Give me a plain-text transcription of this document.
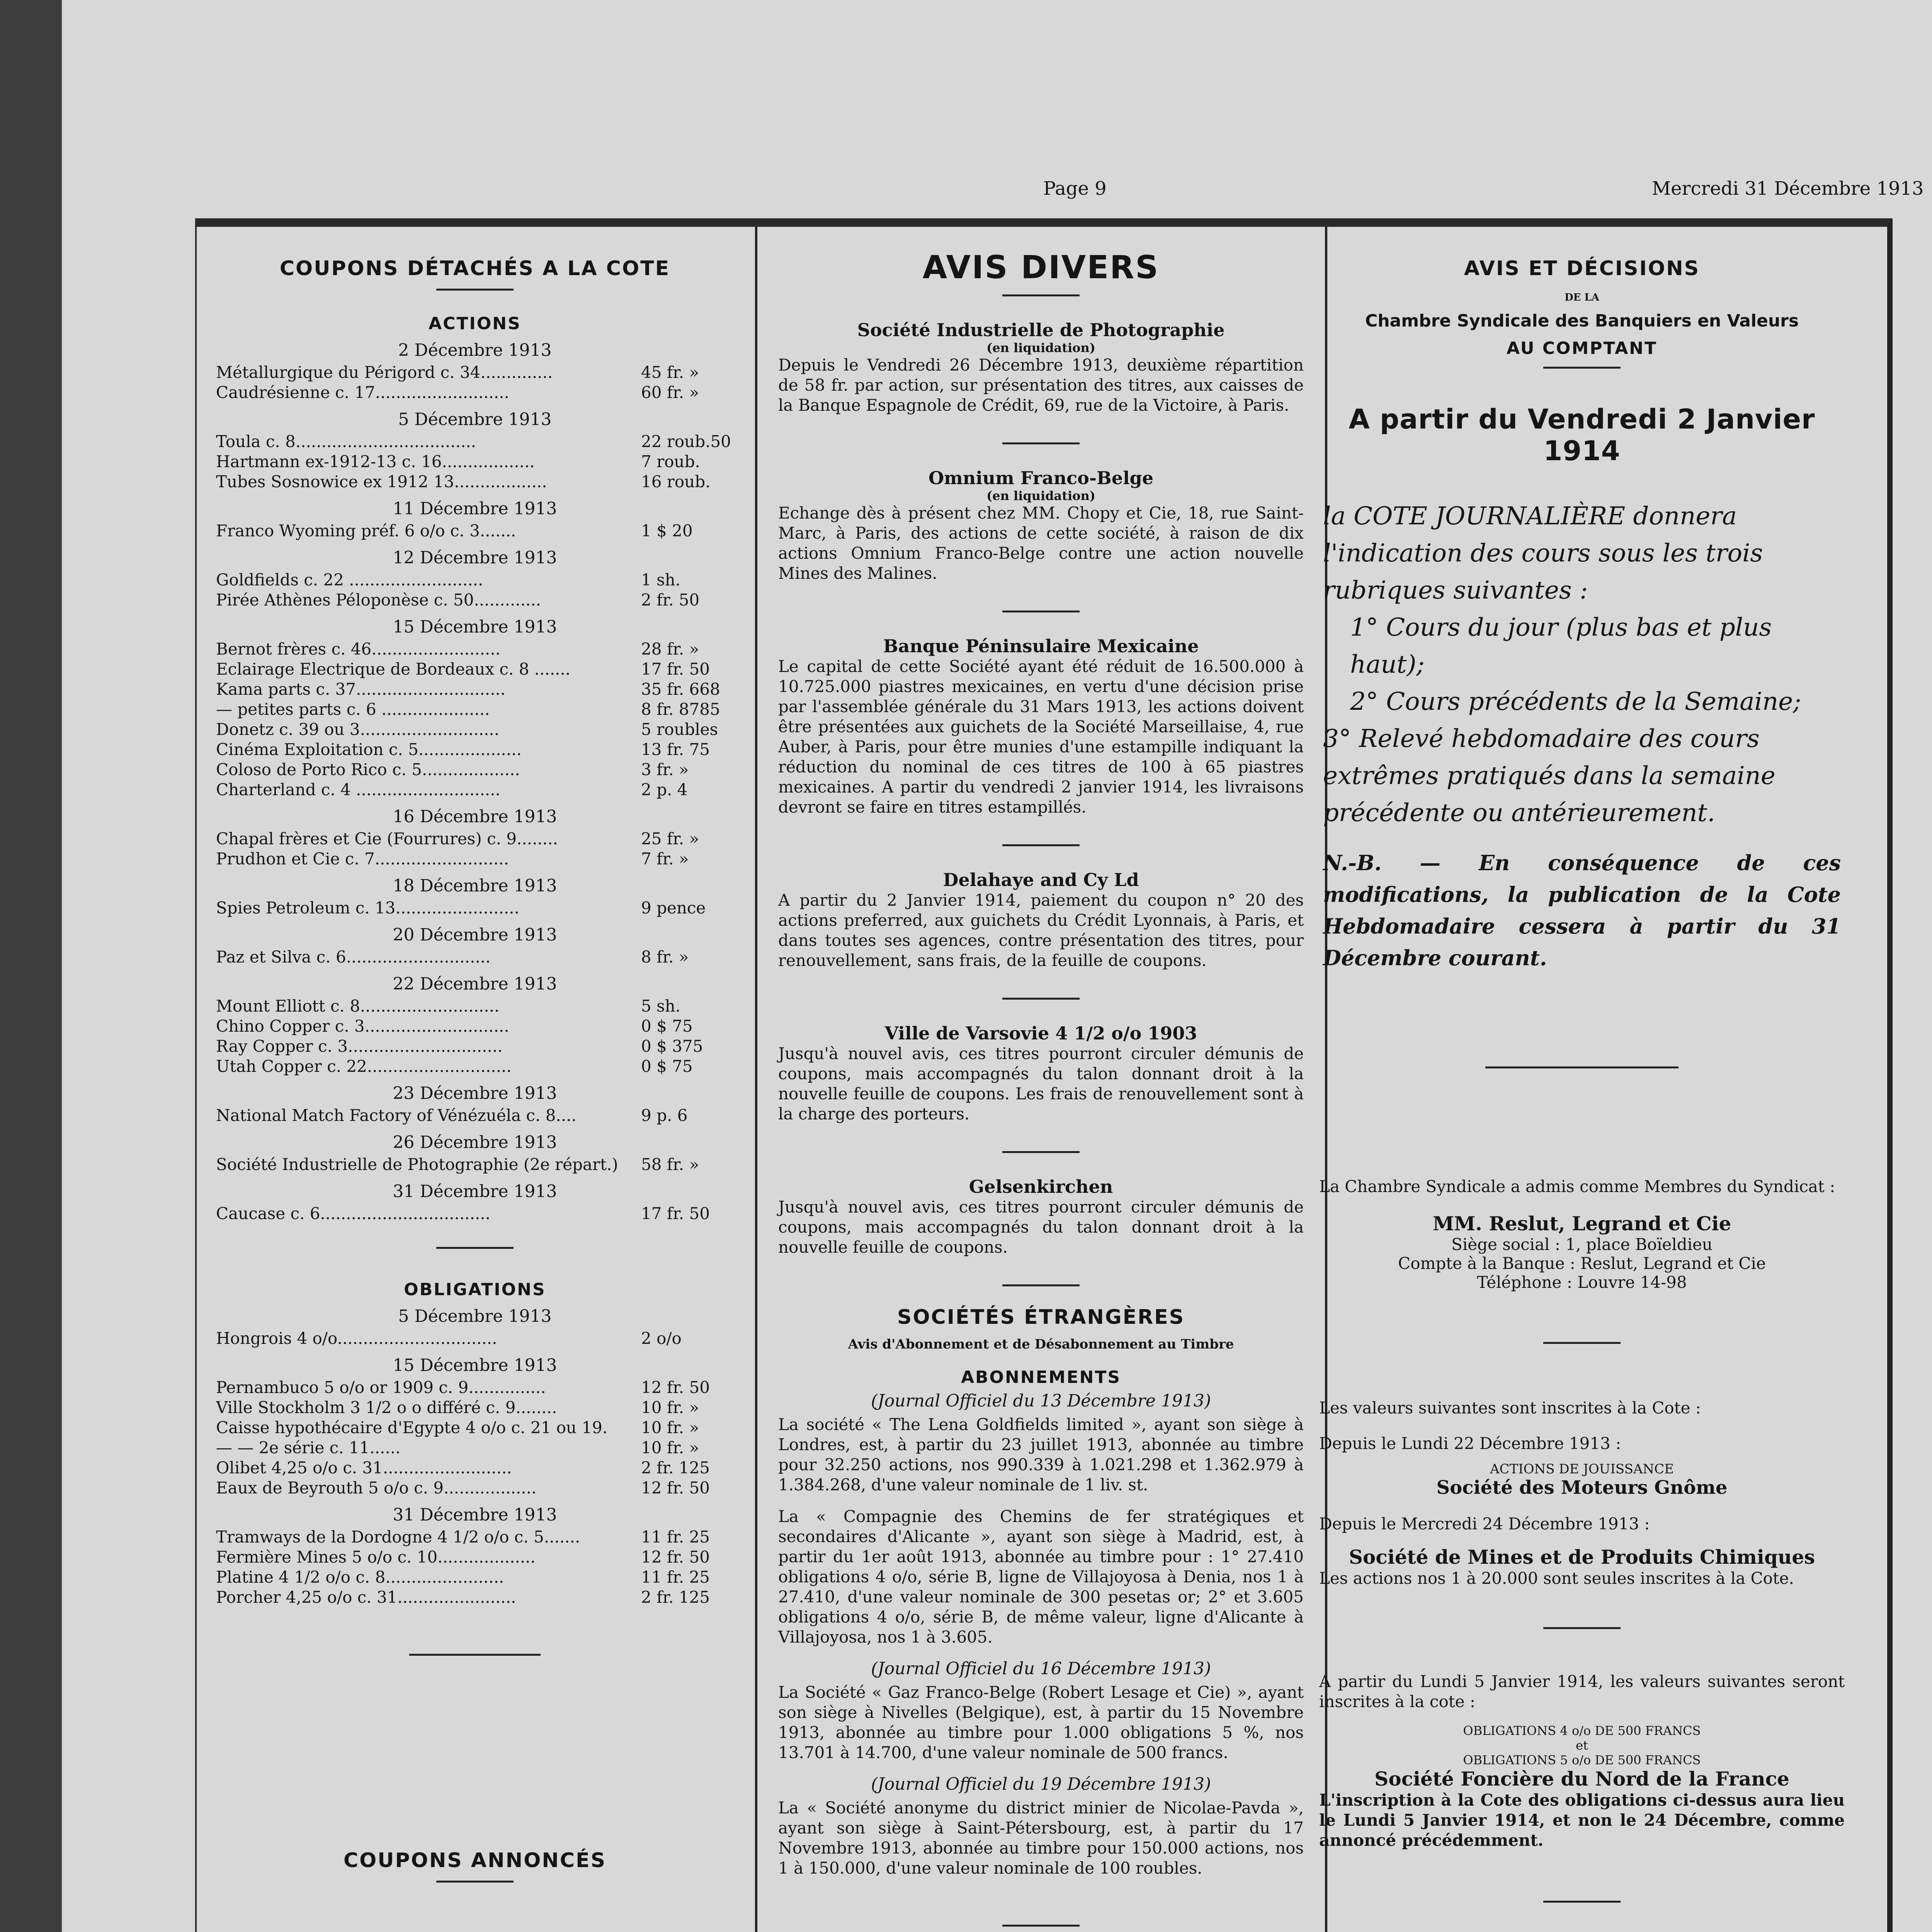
Page 9	Mercredi 31 Décembre 1913
COUPONS DÉTACHÉS A LA COTE
ACTIONS
2 Décembre 1913
Métallurgique du Périgord c. 34..............	45 fr. »
Caudrésienne c. 17..........................	60 fr. »
5 Décembre 1913
Toula c. 8...................................	22 roub.50
Hartmann ex-1912-13 c. 16..................	7 roub.
Tubes Sosnowice ex 1912 13..................	16 roub.
11 Décembre 1913
Franco Wyoming préf. 6 o/o c. 3.......	1 $ 20
12 Décembre 1913
Goldfields c. 22 ..........................	1 sh.
Pirée Athènes Péloponèse c. 50.............	2 fr. 50
15 Décembre 1913
Bernot frères c. 46.........................	28 fr. »
Eclairage Electrique de Bordeaux c. 8 .......	17 fr. 50
Kama parts c. 37.............................	35 fr. 668
— petites parts c. 6 .....................	8 fr. 8785
Donetz c. 39 ou 3...........................	5 roubles
Cinéma Exploitation c. 5....................	13 fr. 75
Coloso de Porto Rico c. 5...................	3 fr. »
Charterland c. 4 ............................	2 p. 4
16 Décembre 1913
Chapal frères et Cie (Fourrures) c. 9........	25 fr. »
Prudhon et Cie c. 7..........................	7 fr. »
18 Décembre 1913
Spies Petroleum c. 13........................	9 pence
20 Décembre 1913
Paz et Silva c. 6............................	8 fr. »
22 Décembre 1913
Mount Elliott c. 8...........................	5 sh.
Chino Copper c. 3............................	0 $ 75
Ray Copper c. 3..............................	0 $ 375
Utah Copper c. 22............................	0 $ 75
23 Décembre 1913
National Match Factory of Vénézuéla c. 8....	9 p. 6
26 Décembre 1913
Société Industrielle de Photographie (2e répart.)	58 fr. »
31 Décembre 1913
Caucase c. 6.................................	17 fr. 50
OBLIGATIONS
5 Décembre 1913
Hongrois 4 o/o...............................	2 o/o
15 Décembre 1913
Pernambuco 5 o/o or 1909 c. 9...............	12 fr. 50
Ville Stockholm 3 1/2 o o différé c. 9........	10 fr. »
Caisse hypothécaire d'Egypte 4 o/o c. 21 ou 19.	10 fr. »
— — 2e série c. 11......	10 fr. »
Olibet 4,25 o/o c. 31.........................	2 fr. 125
Eaux de Beyrouth 5 o/o c. 9..................	12 fr. 50
31 Décembre 1913
Tramways de la Dordogne 4 1/2 o/o c. 5.......	11 fr. 25
Fermière Mines 5 o/o c. 10...................	12 fr. 50
Platine 4 1/2 o/o c. 8.......................	11 fr. 25
Porcher 4,25 o/o c. 31.......................	2 fr. 125
COUPONS ANNONCÉS
AVIS DIVERS
Société Industrielle de Photographie
(en liquidation)

Depuis le Vendredi 26 Décembre 1913, deuxième répartition de 58 fr. par action, sur présentation des titres, aux caisses de la Banque Espagnole de Crédit, 69, rue de la Victoire, à Paris.

Omnium Franco-Belge
(en liquidation)

Echange dès à présent chez MM. Chopy et Cie, 18, rue Saint-Marc, à Paris, des actions de cette société, à raison de dix actions Omnium Franco-Belge contre une action nouvelle Mines des Malines.

Banque Péninsulaire Mexicaine

Le capital de cette Société ayant été réduit de 16.500.000 à 10.725.000 piastres mexicaines, en vertu d'une décision prise par l'assemblée générale du 31 Mars 1913, les actions doivent être présentées aux guichets de la Société Marseillaise, 4, rue Auber, à Paris, pour être munies d'une estampille indiquant la réduction du nominal de ces titres de 100 à 65 piastres mexicaines. A partir du vendredi 2 janvier 1914, les livraisons devront se faire en titres estampillés.

Delahaye and Cy Ld

A partir du 2 Janvier 1914, paiement du coupon n° 20 des actions preferred, aux guichets du Crédit Lyonnais, à Paris, et dans toutes ses agences, contre présentation des titres, pour renouvellement, sans frais, de la feuille de coupons.

Ville de Varsovie 4 1/2 o/o 1903

Jusqu'à nouvel avis, ces titres pourront circuler démunis de coupons, mais accompagnés du talon donnant droit à la nouvelle feuille de coupons. Les frais de renouvellement sont à la charge des porteurs.

Gelsenkirchen

Jusqu'à nouvel avis, ces titres pourront circuler démunis de coupons, mais accompagnés du talon donnant droit à la nouvelle feuille de coupons.

SOCIÉTÉS ÉTRANGÈRES
Avis d'Abonnement et de Désabonnement au Timbre
ABONNEMENTS
(Journal Officiel du 13 Décembre 1913)

La société « The Lena Goldfields limited », ayant son siège à Londres, est, à partir du 23 juillet 1913, abonnée au timbre pour 32.250 actions, nos 990.339 à 1.021.298 et 1.362.979 à 1.384.268, d'une valeur nominale de 1 liv. st.

La « Compagnie des Chemins de fer stratégiques et secondaires d'Alicante », ayant son siège à Madrid, est, à partir du 1er août 1913, abonnée au timbre pour : 1° 27.410 obligations 4 o/o, série B, ligne de Villajoyosa à Denia, nos 1 à 27.410, d'une valeur nominale de 300 pesetas or; 2° et 3.605 obligations 4 o/o, série B, de même valeur, ligne d'Alicante à Villajoyosa, nos 1 à 3.605.

(Journal Officiel du 16 Décembre 1913)

La Société « Gaz Franco-Belge (Robert Lesage et Cie) », ayant son siège à Nivelles (Belgique), est, à partir du 15 Novembre 1913, abonnée au timbre pour 1.000 obligations 5 %, nos 13.701 à 14.700, d'une valeur nominale de 500 francs.

(Journal Officiel du 19 Décembre 1913)

La « Société anonyme du district minier de Nicolae-Pavda », ayant son siège à Saint-Pétersbourg, est, à partir du 17 Novembre 1913, abonnée au timbre pour 150.000 actions, nos 1 à 150.000, d'une valeur nominale de 100 roubles.

AVIS ET DÉCISIONS
DE LA
Chambre Syndicale des Banquiers en Valeurs
AU COMPTANT
A partir du Vendredi 2 Janvier 1914

la COTE JOURNALIÈRE donnera l'indication des cours sous les trois rubriques suivantes :

1° Cours du jour (plus bas et plus haut);

2° Cours précédents de la Semaine;

3° Relevé hebdomadaire des cours extrêmes pratiqués dans la semaine précédente ou antérieurement.

N.-B. — En conséquence de ces modifications, la publication de la Cote Hebdomadaire cessera à partir du 31 Décembre courant.

La Chambre Syndicale a admis comme Membres du Syndicat :

MM. Reslut, Legrand et Cie
Siège social : 1, place Boïeldieu
Compte à la Banque : Reslut, Legrand et Cie
Téléphone : Louvre 14-98

Les valeurs suivantes sont inscrites à la Cote :

Depuis le Lundi 22 Décembre 1913 :

ACTIONS DE JOUISSANCE
Société des Moteurs Gnôme

Depuis le Mercredi 24 Décembre 1913 :

Société de Mines et de Produits Chimiques

Les actions nos 1 à 20.000 sont seules inscrites à la Cote.

A partir du Lundi 5 Janvier 1914, les valeurs suivantes seront inscrites à la cote :

OBLIGATIONS 4 o/o DE 500 FRANCS
et
OBLIGATIONS 5 o/o DE 500 FRANCS
Société Foncière du Nord de la France

L'inscription à la Cote des obligations ci-dessus aura lieu le Lundi 5 Janvier 1914, et non le 24 Décembre, comme annoncé précédemment.
